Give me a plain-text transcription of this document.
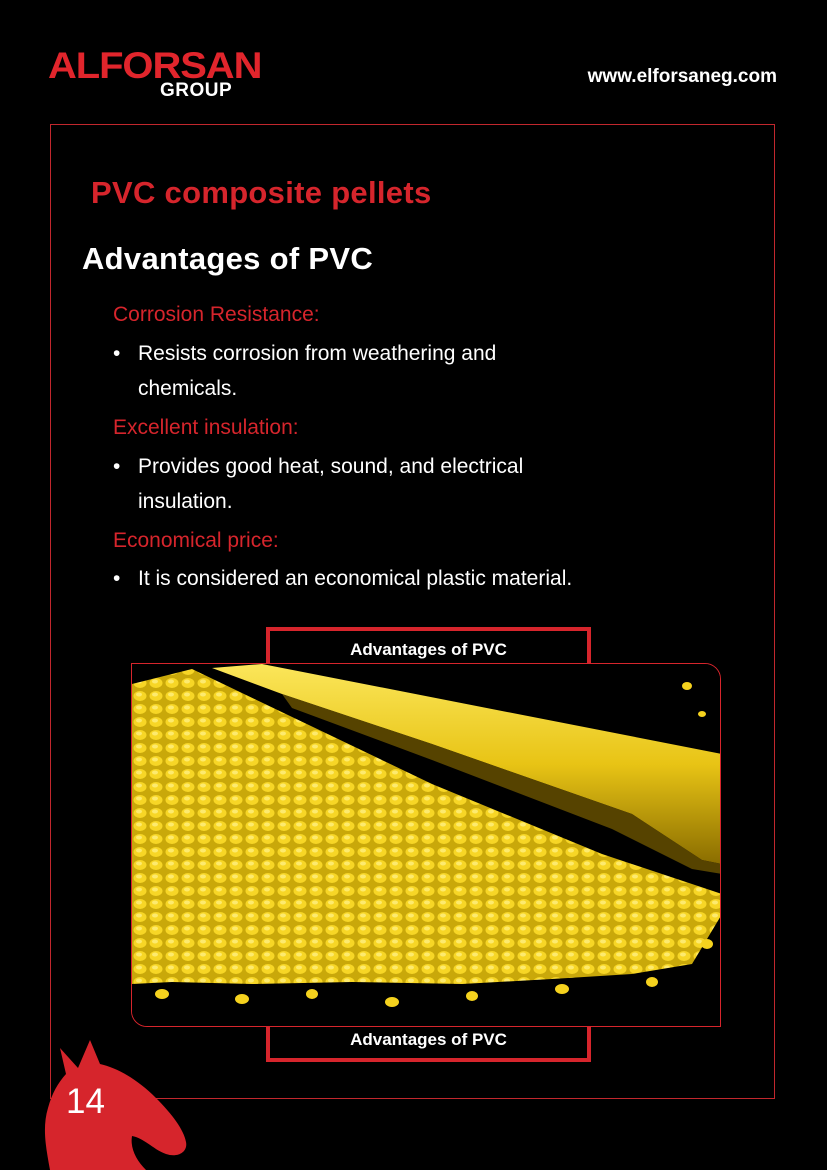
ALFORSAN
GROUP
www.elforsaneg.com
PVC composite pellets
Advantages of PVC
Corrosion Resistance:
• Resists corrosion from weathering and
chemicals.
Excellent insulation:
• Provides good heat, sound, and electrical
insulation.
Economical price:
• It is considered an economical plastic material.
Advantages of PVC
Advantages of PVC
14
